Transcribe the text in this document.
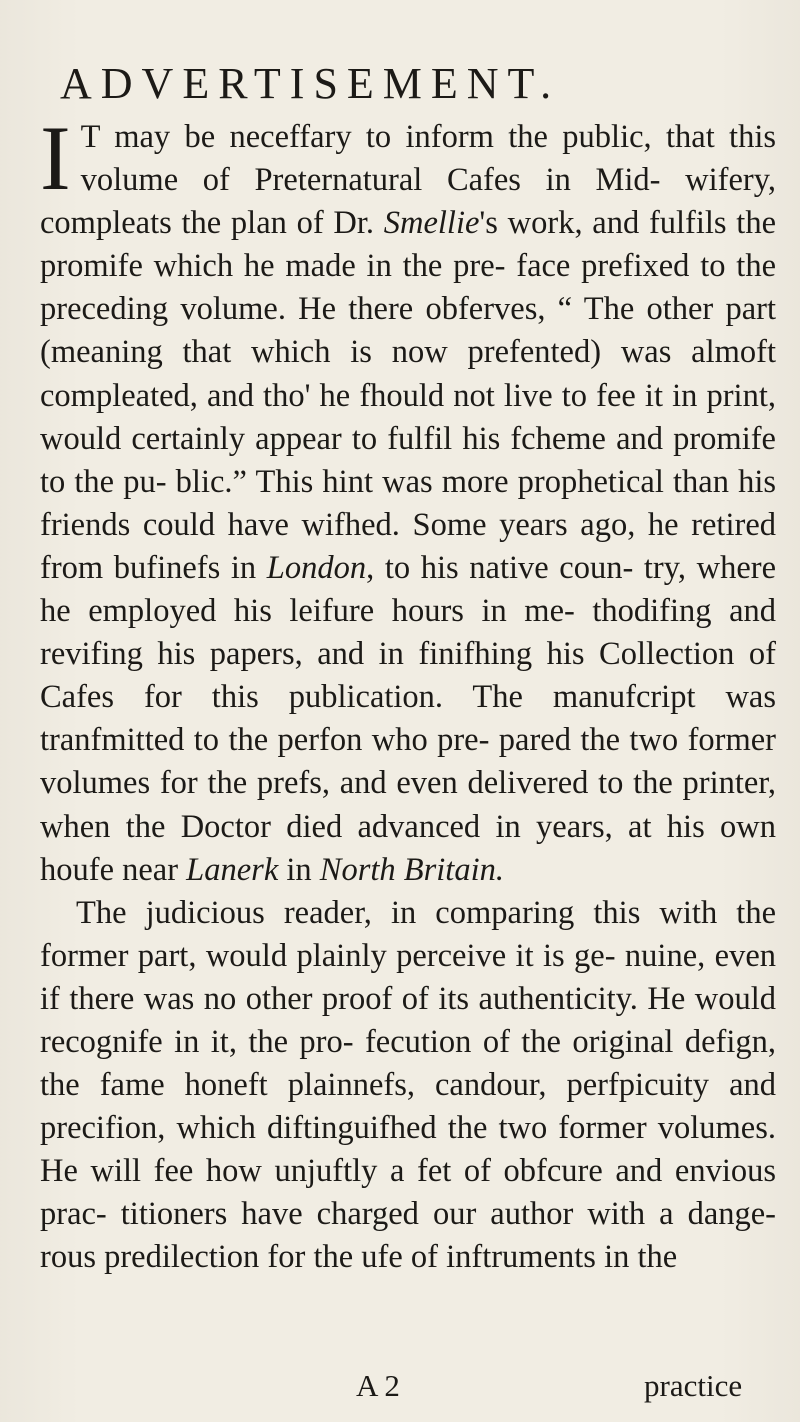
ADVERTISEMENT.

I T may be neceffary to inform the public, that this volume of Preternatural Cafes in Mid- wifery, compleats the plan of Dr. Smellie's work, and fulfils the promife which he made in the pre- face prefixed to the preceding volume. He there obferves, “ The other part (meaning that which is now prefented) was almoft compleated, and tho' he fhould not live to fee it in print, would certainly appear to fulfil his fcheme and promife to the pu- blic.” This hint was more prophetical than his friends could have wifhed. Some years ago, he retired from bufinefs in London, to his native coun- try, where he employed his leifure hours in me- thodifing and revifing his papers, and in finifhing his Collection of Cafes for this publication. The manufcript was tranfmitted to the perfon who pre- pared the two former volumes for the prefs, and even delivered to the printer, when the Doctor died advanced in years, at his own houfe near Lanerk in North Britain.

The judicious reader, in comparing this with the former part, would plainly perceive it is ge- nuine, even if there was no other proof of its authenticity. He would recognife in it, the pro- fecution of the original defign, the fame honeft plainnefs, candour, perfpicuity and precifion, which diftinguifhed the two former volumes. He will fee how unjuftly a fet of obfcure and envious prac- titioners have charged our author with a dange- rous predilection for the ufe of inftruments in the

A 2	practice
